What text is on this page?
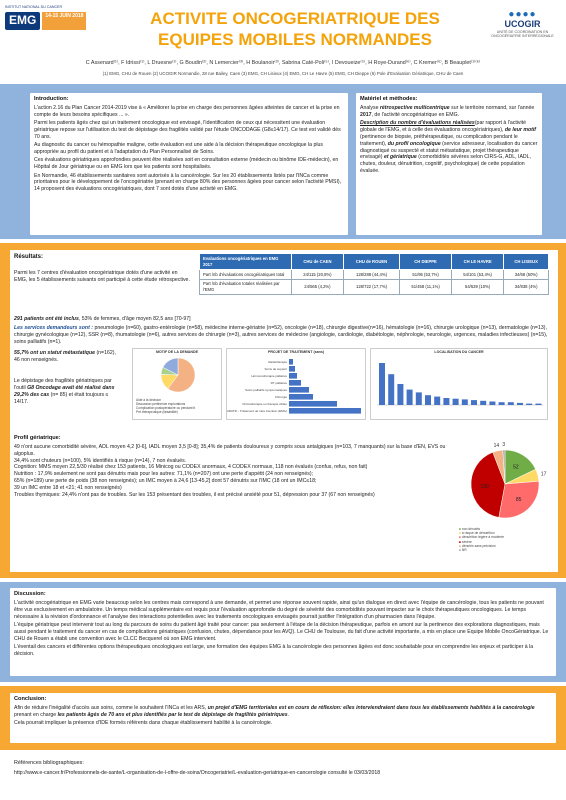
INSTITUT NATIONAL DU CANCER
EMG	14-15 JUIN 2018	ACTIVITE ONCOGERIATRIQUE DES
EQUIPES MOBILES NORMANDES
●●●●
UCOGIR
UNITÉ DE COORDINATION EN ONCOGÉRIATRIE INTERRÉGIONALE
C Assenard⁽¹⁾, F Idrissi⁽¹⁾, L Druesne⁽¹⁾, G Boudin⁽²⁾, N Lemercier⁽³⁾, H Boulanoir⁽³⁾, Sabrina Caté-Poli⁽⁵⁾, I Devoueize⁽⁵⁾, H Roye-Durand⁽⁶⁾, C Kremer⁽⁶⁾, B Beauplet⁽¹⁾⁽⁶⁾
(1) EMG, CHU de Rouen (2) UCOGIR Normandie, 28 rue Bailey, Caen (3) EMG, CH Lisieux (4) EMG, CH Le Havre (5) EMG, CH Dieppe (6) Pole d'Evaluation Gériatrique, CHU de Caen
Introduction:
L'action 2.16 du Plan Cancer 2014-2019 vise à « Améliorer la prise en charge des personnes âgées atteintes de cancer et la prise en compte de leurs besoins spécifiques ... ».
Parmi les patients âgés chez qui un traitement oncologique est envisagé, l'identification de ceux qui nécessitent une évaluation gériatrique repose sur l'utilisation du test de dépistage des fragilités validé par l'étude ONCODAGE (G8≤14/17). Ce test est validé dès 70 ans.
Au diagnostic du cancer ou hémopathie maligne, cette évaluation est une aide à la décision thérapeutique oncologique la plus appropriée au profil du patient et à l'adaptation du Plan Personnalisé de Soins.
Ces évaluations gériatriques approfondies peuvent être réalisées soit en consultation externe (médecin ou binôme IDE-médecin), en Hôpital de Jour gériatrique ou en EMG lors que les patients sont hospitalisés.
En Normandie, 46 établissements sanitaires sont autorisés à la cancérologie. Sur les 20 établissements listés par l'INCa comme prioritaires pour le développement de l'oncogériatrie (prenant en charge 80% des personnes âgées pour cancer selon l'activité PMSI), 14 proposent des évaluations oncogériatriques, dont 7 sont dotés d'une activité en EMG.
Matériel et méthodes:
Analyse rétrospective multicentrique sur le territoire normand, sur l'année 2017, de l'activité oncogériatrique en EMG.
Description du nombre d'évaluations réalisées(par rapport à l'activité globale de l'EMG, et à celle des évaluations oncogériatriques), de leur motif (pertinence de biopsie, préthérapeutique, ou complication pendant le traitement), du profil oncologique (service adresseur, localisation du cancer diagnostiqué ou suspecté et statut métastatique, projet thérapeutique envisagé) et gériatrique (comorbidités sévères selon CIRS-G, ADL, IADL, chutes, douleur, dénutrition, cognitif, psychologique) de cette population évaluée.
Résultats:
Parmi les 7 centres d'évaluation oncogériatrique dotés d'une activité en EMG, les 5 établissements suivants ont participé à cette étude rétrospective.
Evaluations oncogériatriques en EMG 2017	CHU de CAEN	CHU de ROUEN	CH DIEPPE	CH LE HAVRE	CH LISIEUX
Part /nb d'évaluations oncogériatriques total	24/115 (20,8%)	128/288 (44,4%)	51/95 (53,7%)	54/101 (53,4%)	34/68 (50%)
Part /nb d'évaluation totales réalisées par l'EMG	24/565 (4,2%)	128/722 (17,7%)	51/458 (11,1%)	54/539 (10%)	34/838 (4%)
291 patients ont été inclus, 53% de femmes, d'âge moyen 82,5 ans [70-97]
Les services demandeurs sont : pneumologie (n=60), gastro-entérologie (n=58), médecine interne-gériatrie (n=52), oncologie (n=18), chirurgie digestive(n=16), hématologie (n=16), chirurgie urologique (n=13), dermatologie (n=13), chirurgie gynécologique (n=12), SSR (n=8), rhumatologie (n=6), autres services de chirurgie (n=3), autres services de médecine (angiologie, cardiologie, diabétologie, néphrologie, neurologie, urgences, maladies infectieuses) (n=15), soins palliatifs (n=1).
55,7% ont un statut métastatique (n=162), 46 non renseignés.
Le dépistage des fragilités gériatriques par l'outil G8 Oncodage avait été réalisé dans 29,2% des cas (n= 85) et était toujours ≤ 14/17.
MOTIF DE LA DEMANDE
Aide à la décision
Discussion pertinence explorations
Complication postopératoire ou pendant tt
Pré-thérapeutique (faisabilité)
PROJET DE TRAITEMENT (sans)
Radiothérapie
Soins de support
Hormonothérapie palliative
RT palliative
Soins palliatifs symptomatiques
Chirurgie
Chimiothérapie ou thérapie ciblée
CURATIF - Traitement de 1ère intention (EMG)
LOCALISATION DU CANCER
Profil gériatrique:
49 n'ont aucune comorbidité sévère, ADL moyen 4,2 [0-6], IADL moyen 3,5 [0-8]; 35,4% de patients douloureux y compris sous antalgiques (n=103, 7 manquants) sur la base d'EN, EVS ou algoplus.
34,4% sont chuteurs (n=100), 5% identifiés à risque (n=14), 7 non évalués.
Cognition: MMS moyen 22,5/30 réalisé chez 153 patients, 16 Minicog ou CODEX anormaux, 4 CODEX normaux, 118 non évalués (confus, refus, non fait)
Nutrition : 17,9% seulement ne sont pas dénutris mais pour les autres: 71,1% (n=207) ont une perte d'appétit (24 non renseignés);
65% (n=189) une perte de poids (38 non renseignés); un IMC moyen à 24,6 [13-45,2] dont 57 dénutris sur l'IMC (18 ont un IMC≤18;
39 un IMC entre 18 et <21; 41 non renseignés)
Troubles thymiques: 24,4% n'ont pas de troubles. Sur les 153 présentant des troubles, il est précisé anxiété pour 51, dépression pour 37 (67 non renseignés)
52
17
85
120
14 3
■ non dénutris
■ à risque de dénutrition
■ dénutrition légère à modérée
■ sévère
■ dénutris sans précision
■ NR
Discussion:
L'activité oncogériatrique en EMG varie beaucoup selon les centres mais correspond à une demande, et permet une réponse souvent rapide, ainsi qu'un dialogue en direct avec l'équipe de cancérologie, tous les patients ne pouvant être vus exclusivement en ambulatoire. Un temps médical supplémentaire est requis pour l'évaluation approfondie du degré de sévérité des comorbidités pouvant impacter sur le choix thérapeutiques oncologiques. Le temps nécessaire à la révision d'ordonnance et l'analyse des interactions potentielles avec les traitements oncologiques envisagés pourrait justifier l'intégration d'un pharmacien dans l'équipe.
L'équipe gériatrique peut intervenir tout au long du parcours de soins du patient âgé traité pour cancer: pas seulement à l'étape de la décision thérapeutique, parfois en amont sur la pertinence des explorations diagnostiques, mais aussi pendant le traitement du cancer en cas de complications gériatriques (confusion, chutes, dépendance pour les AVQ). Le CHU de Toulouse, du fait d'une activité importante, a mis en place une Equipe Mobile OncoGériatrique. Le CHU de Rouen a établi une convention avec le CLCC Becquerel où son EMG intervient.
L'éventail des cancers et différentes options thérapeutiques oncologiques est large, une formation des équipes EMG à la cancérologie des personnes âgées est donc souhaitable pour en comprendre les enjeux et participer à la décision.
Conclusion:
Afin de réduire l'inégalité d'accès aux soins, comme le souhaitent l'INCa et les ARS, un projet d'EMG territoriales est en cours de réflexion: elles interviendraient dans tous les établissements habilités à la cancérologie prenant en charge les patients âgés de 70 ans et plus identifiés par le test de dépistage de fragilités gériatriques.
Cela pourrait impliquer la présence d'IDE formés référents dans chaque établissement habilité à la cancérologie.
Références bibliographiques:
http://www.e-cancer.fr/Professionnels-de-sante/L-organisation-de-l-offre-de-soins/Oncogeriatrie/L-evaluation-geriatrique-en-cancerologie consulté le 03/03/2018
